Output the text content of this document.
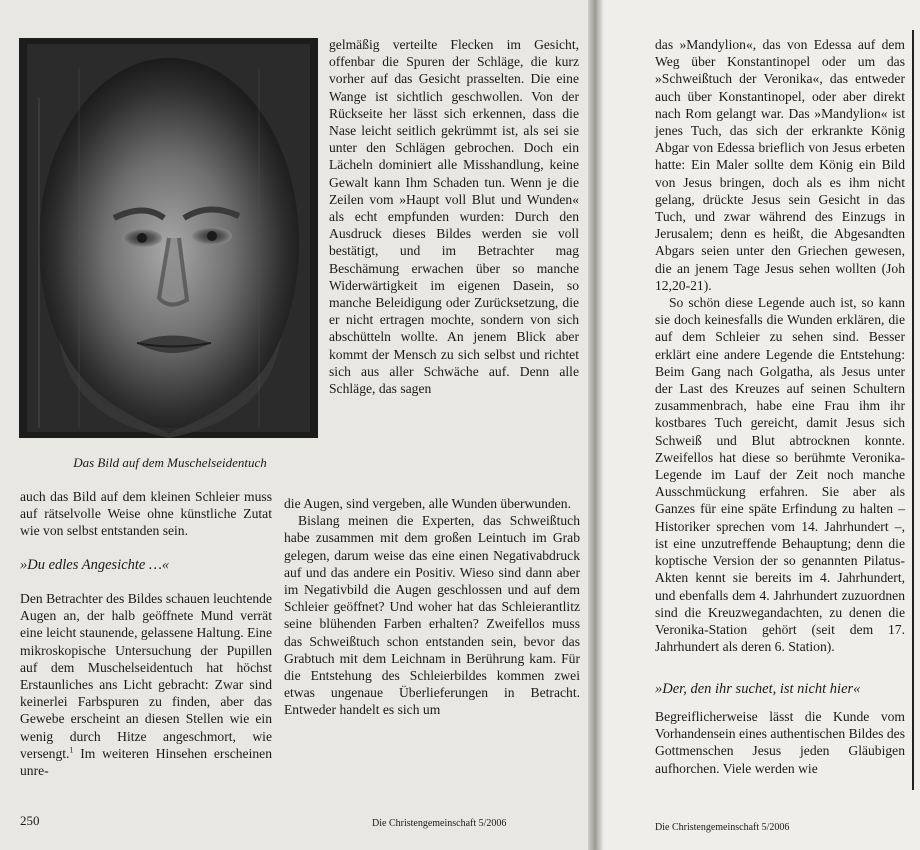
Das Bild auf dem Muschelseidentuch

auch das Bild auf dem kleinen Schleier muss auf rätselvolle Weise ohne künstliche Zutat wie von selbst entstanden sein.

»Du edles Angesichte …«

Den Betrachter des Bildes schauen leuchtende Augen an, der halb geöffnete Mund verrät eine leicht staunende, gelassene Haltung. Eine mikroskopische Untersuchung der Pupillen auf dem Muschelseidentuch hat höchst Erstaunliches ans Licht gebracht: Zwar sind keinerlei Farbspuren zu finden, aber das Gewebe erscheint an diesen Stellen wie ein wenig durch Hitze angeschmort, wie versengt.$^1$ Im weiteren Hinsehen erscheinen unre-

gelmäßig verteilte Flecken im Gesicht, offenbar die Spuren der Schläge, die kurz vorher auf das Gesicht prasselten. Die eine Wange ist sichtlich geschwollen. Von der Rückseite her lässt sich erkennen, dass die Nase leicht seitlich gekrümmt ist, als sei sie unter den Schlägen gebrochen. Doch ein Lächeln dominiert alle Misshandlung, keine Gewalt kann Ihm Schaden tun. Wenn je die Zeilen vom »Haupt voll Blut und Wunden« als echt empfunden wurden: Durch den Ausdruck dieses Bildes werden sie voll bestätigt, und im Betrachter mag Beschämung erwachen über so manche Widerwärtigkeit im eigenen Dasein, so manche Beleidigung oder Zurücksetzung, die er nicht ertragen mochte, sondern von sich abschütteln wollte. An jenem Blick aber kommt der Mensch zu sich selbst und richtet sich aus aller Schwäche auf. Denn alle Schläge, das sagen

die Augen, sind vergeben, alle Wunden überwunden.

Bislang meinen die Experten, das Schweißtuch habe zusammen mit dem großen Leintuch im Grab gelegen, darum weise das eine einen Negativabdruck auf und das andere ein Positiv. Wieso sind dann aber im Negativbild die Augen geschlossen und auf dem Schleier geöffnet? Und woher hat das Schleierantlitz seine blühenden Farben erhalten? Zweifellos muss das Schweißtuch schon entstanden sein, bevor das Grabtuch mit dem Leichnam in Berührung kam. Für die Entstehung des Schleierbildes kommen zwei etwas ungenaue Überlieferungen in Betracht. Entweder handelt es sich um

das »Mandylion«, das von Edessa auf dem Weg über Konstantinopel oder um das »Schweißtuch der Veronika«, das entweder auch über Konstantinopel, oder aber direkt nach Rom gelangt war. Das »Mandylion« ist jenes Tuch, das sich der erkrankte König Abgar von Edessa brieflich von Jesus erbeten hatte: Ein Maler sollte dem König ein Bild von Jesus bringen, doch als es ihm nicht gelang, drückte Jesus sein Gesicht in das Tuch, und zwar während des Einzugs in Jerusalem; denn es heißt, die Abgesandten Abgars seien unter den Griechen gewesen, die an jenem Tage Jesus sehen wollten (Joh 12,20-21).

So schön diese Legende auch ist, so kann sie doch keinesfalls die Wunden erklären, die auf dem Schleier zu sehen sind. Besser erklärt eine andere Legende die Entstehung: Beim Gang nach Golgatha, als Jesus unter der Last des Kreuzes auf seinen Schultern zusammenbrach, habe eine Frau ihm ihr kostbares Tuch gereicht, damit Jesus sich Schweiß und Blut abtrocknen konnte. Zweifellos hat diese so berühmte Veronika-Legende im Lauf der Zeit noch manche Ausschmückung erfahren. Sie aber als Ganzes für eine späte Erfindung zu halten – Historiker sprechen vom 14. Jahrhundert –, ist eine unzutreffende Behauptung; denn die koptische Version der so genannten Pilatus-Akten kennt sie bereits im 4. Jahrhundert, und ebenfalls dem 4. Jahrhundert zuzuordnen sind die Kreuzwegandachten, zu denen die Veronika-Station gehört (seit dem 17. Jahrhundert als deren 6. Station).

»Der, den ihr suchet, ist nicht hier«

Begreiflicherweise lässt die Kunde vom Vorhandensein eines authentischen Bildes des Gottmenschen Jesus jeden Gläubigen aufhorchen. Viele werden wie

250	Die Christengemeinschaft 5/2006	Die Christengemeinschaft 5/2006
